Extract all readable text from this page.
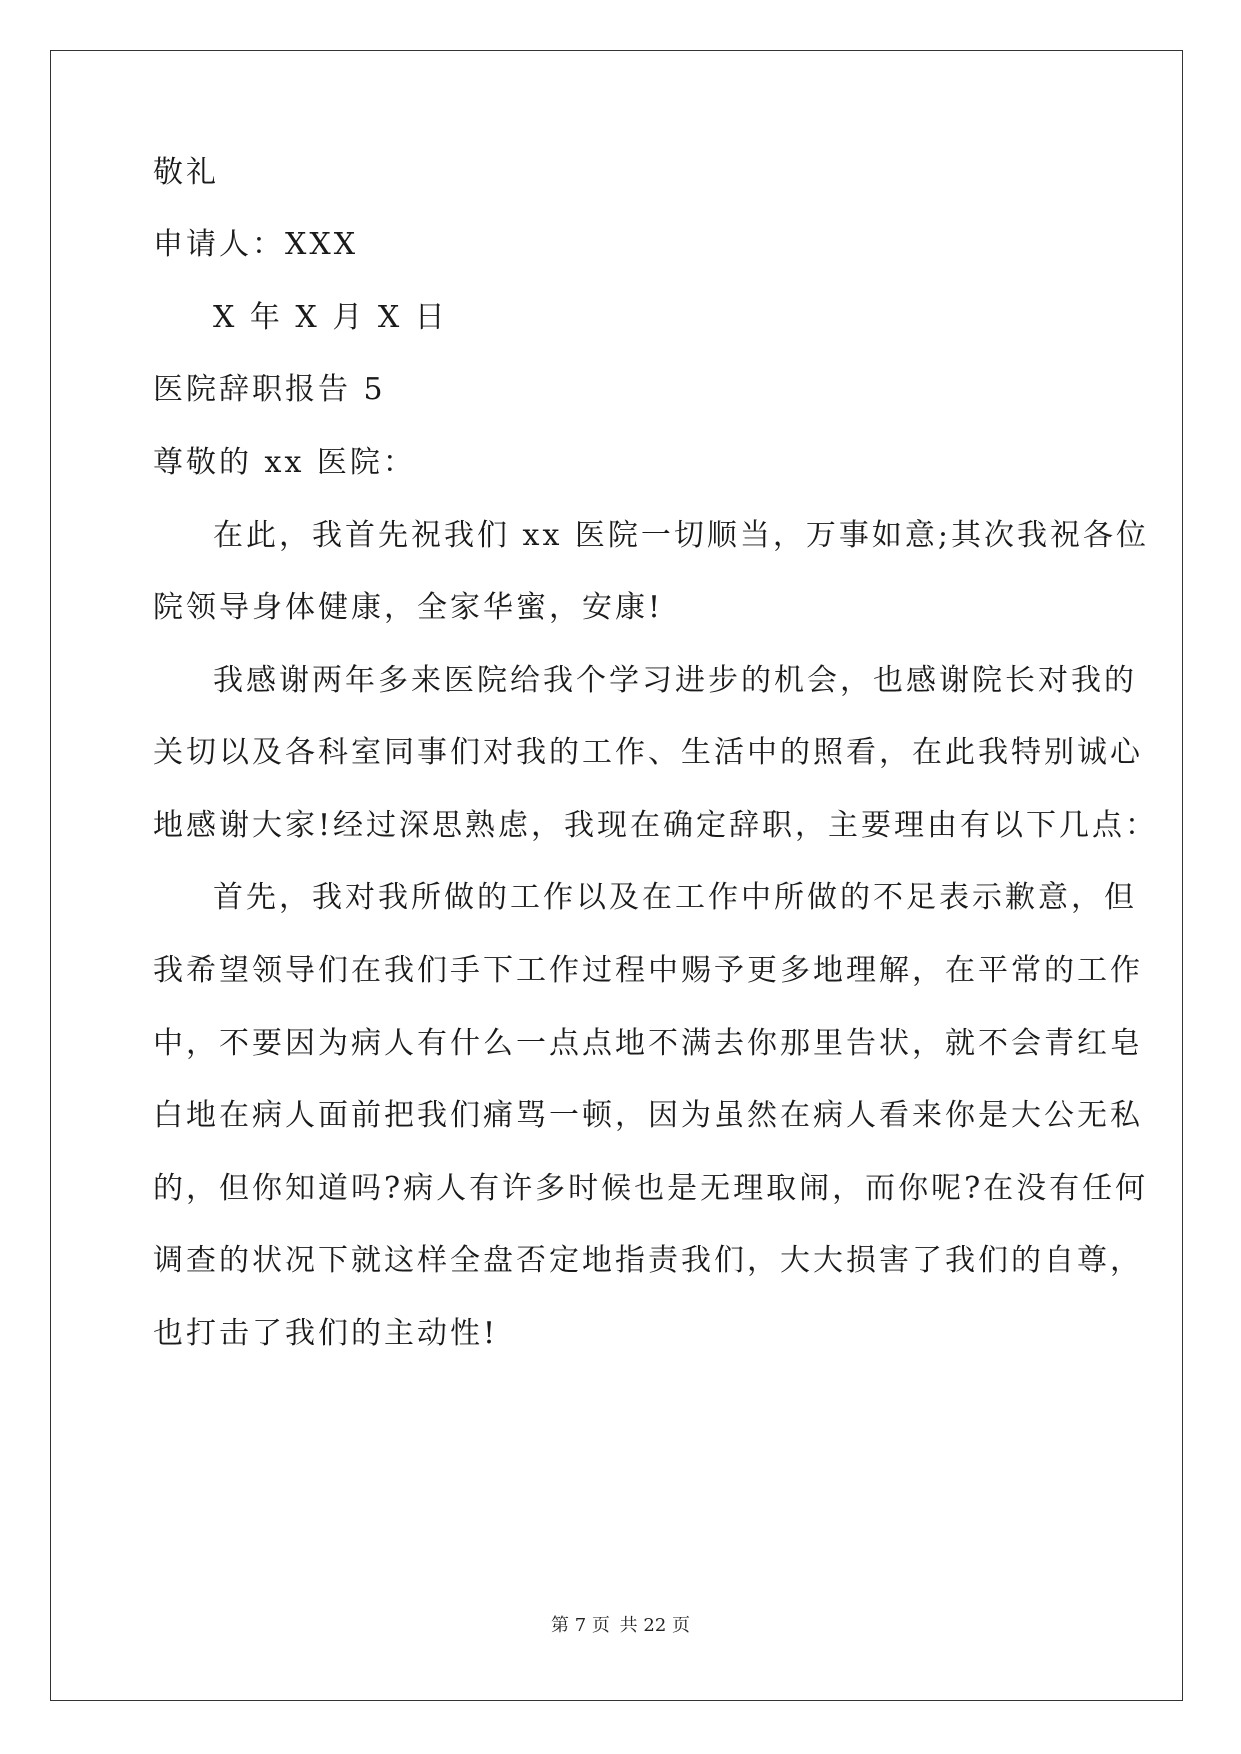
敬礼
申请人：XXX
X 年 X 月 X 日
医院辞职报告 5
尊敬的 xx 医院：
在此，我首先祝我们 xx 医院一切顺当，万事如意;其次我祝各位
院领导身体健康，全家华蜜，安康!
我感谢两年多来医院给我个学习进步的机会，也感谢院长对我的
关切以及各科室同事们对我的工作、生活中的照看，在此我特别诚心
地感谢大家!经过深思熟虑，我现在确定辞职，主要理由有以下几点：
首先，我对我所做的工作以及在工作中所做的不足表示歉意，但
我希望领导们在我们手下工作过程中赐予更多地理解，在平常的工作
中，不要因为病人有什么一点点地不满去你那里告状，就不会青红皂
白地在病人面前把我们痛骂一顿，因为虽然在病人看来你是大公无私
的，但你知道吗?病人有许多时候也是无理取闹，而你呢?在没有任何
调查的状况下就这样全盘否定地指责我们，大大损害了我们的自尊，
也打击了我们的主动性!
第 7 页 共 22 页
